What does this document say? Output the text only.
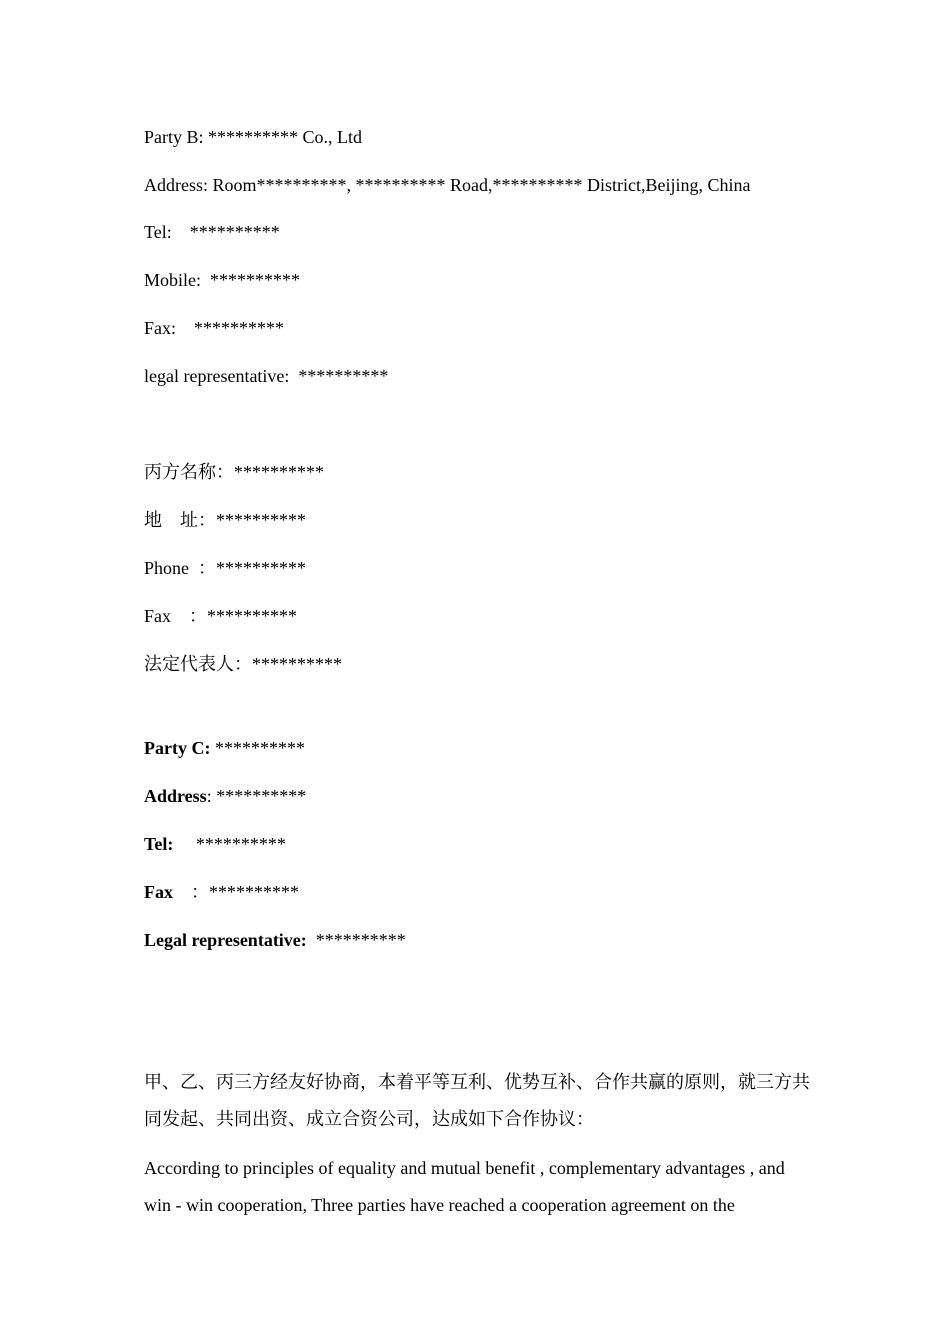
Party B: ********** Co., Ltd
Address: Room**********, ********** Road,********** District,Beijing, China
Tel:    **********
Mobile:  **********
Fax:    **********
legal representative:  **********
丙方名称：**********
地    址：**********
Phone  ：**********
Fax    ：**********
法定代表人：**********
Party C: **********
Address: **********
Tel:     **********
Fax    ：**********
Legal representative:  **********
甲、乙、丙三方经友好协商，本着平等互利、优势互补、合作共赢的原则，就三方共同发起、共同出资、成立合资公司，达成如下合作协议：
According to principles of equality and mutual benefit , complementary advantages , and win - win cooperation, Three parties have reached a cooperation agreement on the
